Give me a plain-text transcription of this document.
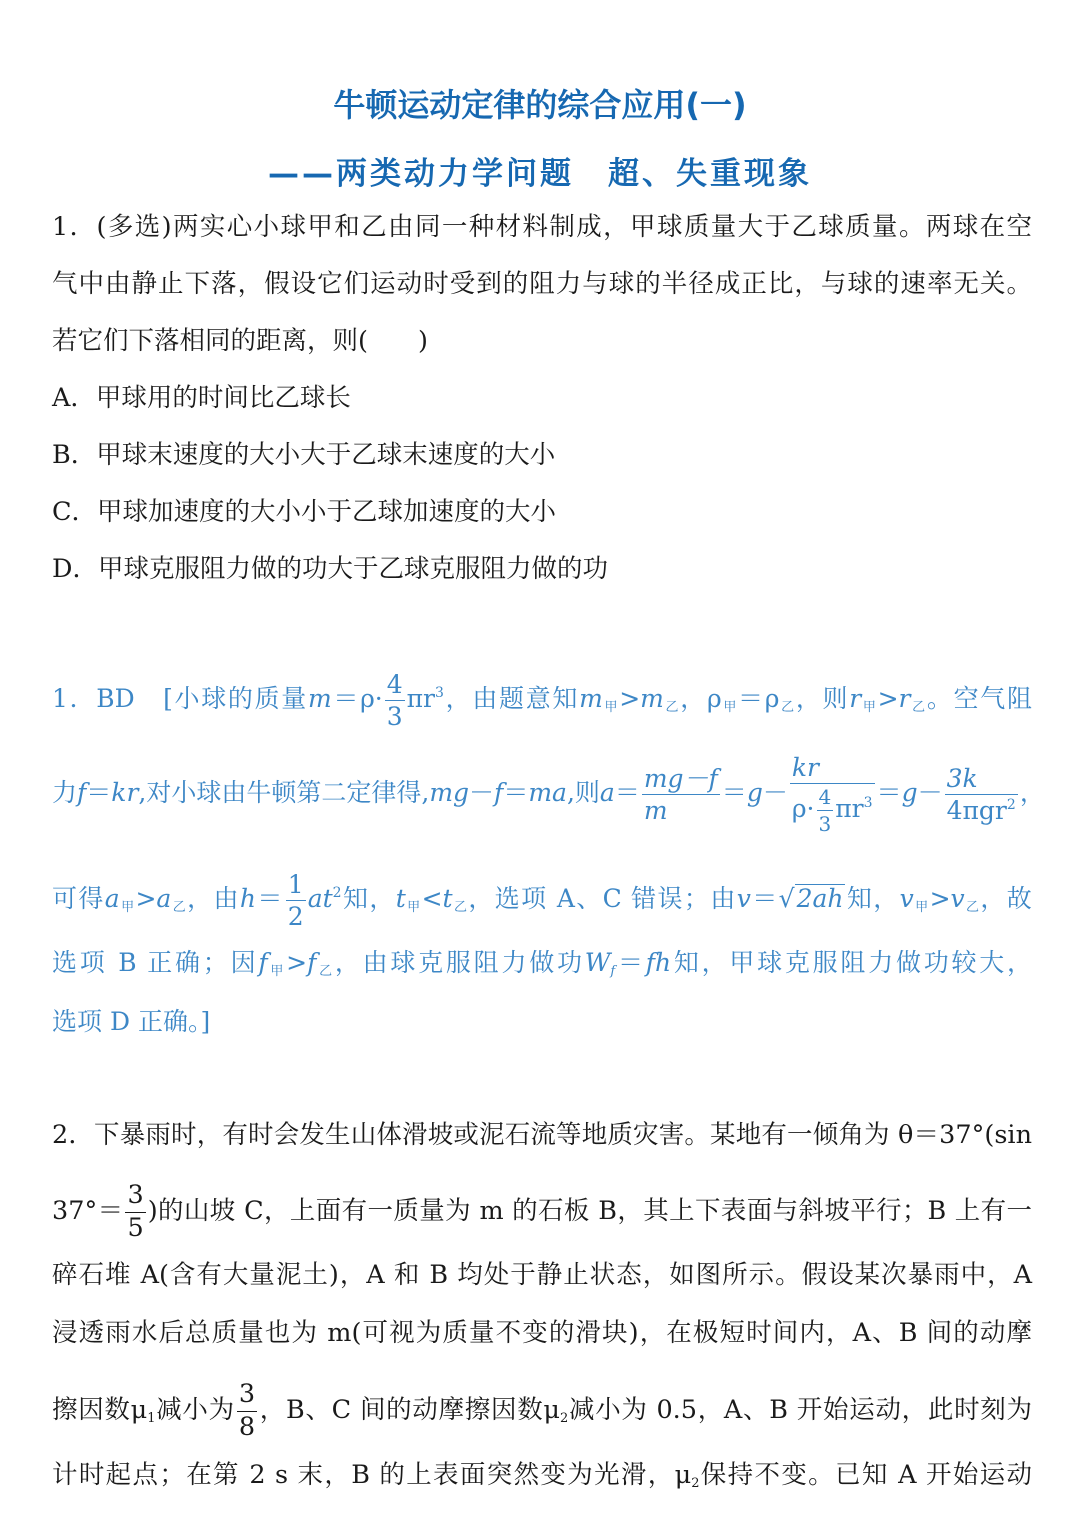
牛顿运动定律的综合应用(一)
——两类动力学问题　超、失重现象
1．(多选)两实心小球甲和乙由同一种材料制成，甲球质量大于乙球质量。两球在空
气中由静止下落，假设它们运动时受到的阻力与球的半径成正比，与球的速率无关。
若它们下落相同的距离，则( )
A．甲球用的时间比乙球长
B．甲球末速度的大小大于乙球末速度的大小
C．甲球加速度的大小小于乙球加速度的大小
D．甲球克服阻力做的功大于乙球克服阻力做的功
1．BD　[小球的质量$m=\rho\cdot \frac{4}{3} \pi r^3$，由题意知$m_甲>m_乙$，$\rho_甲=\rho_乙$，则$r_甲>r_乙$。空气阻
力f＝kr,对小球由牛顿第二定律得,mg－f＝ma,则$a= \frac{mg-f}{m} =g- \frac{kr}{\rho\cdot \frac{4}{3} \pi r^3} =g- \frac{3k}{4\pi gr^2}$ ，
可得$a_甲>a_乙$，由$h= \frac{1}{2} at^2$知，$t_甲<t_乙$，选项 A、C 错误；由v＝√2ah知，$v_甲>v_乙$，故
选项 B 正确；因$f_甲>f_乙$，由球克服阻力做功$W_f=fh$知，甲球克服阻力做功较大，
选项 D 正确。]
2．下暴雨时，有时会发生山体滑坡或泥石流等地质灾害。某地有一倾角为 θ＝37°(sin
$37^\circ= \frac{3}{5}$ )的山坡 C，上面有一质量为 m 的石板 B，其上下表面与斜坡平行；B 上有一
碎石堆 A(含有大量泥土)，A 和 B 均处于静止状态，如图所示。假设某次暴雨中，A
浸透雨水后总质量也为 m(可视为质量不变的滑块)，在极短时间内，A、B 间的动摩
擦因数$\mu_1$减小为 $\frac{3}{8}$ ，B、C 间的动摩擦因数$\mu_2$减小为 0.5，A、B 开始运动，此时刻为
计时起点；在第 2 s 末，B 的上表面突然变为光滑，$\mu_2$保持不变。已知 A 开始运动
